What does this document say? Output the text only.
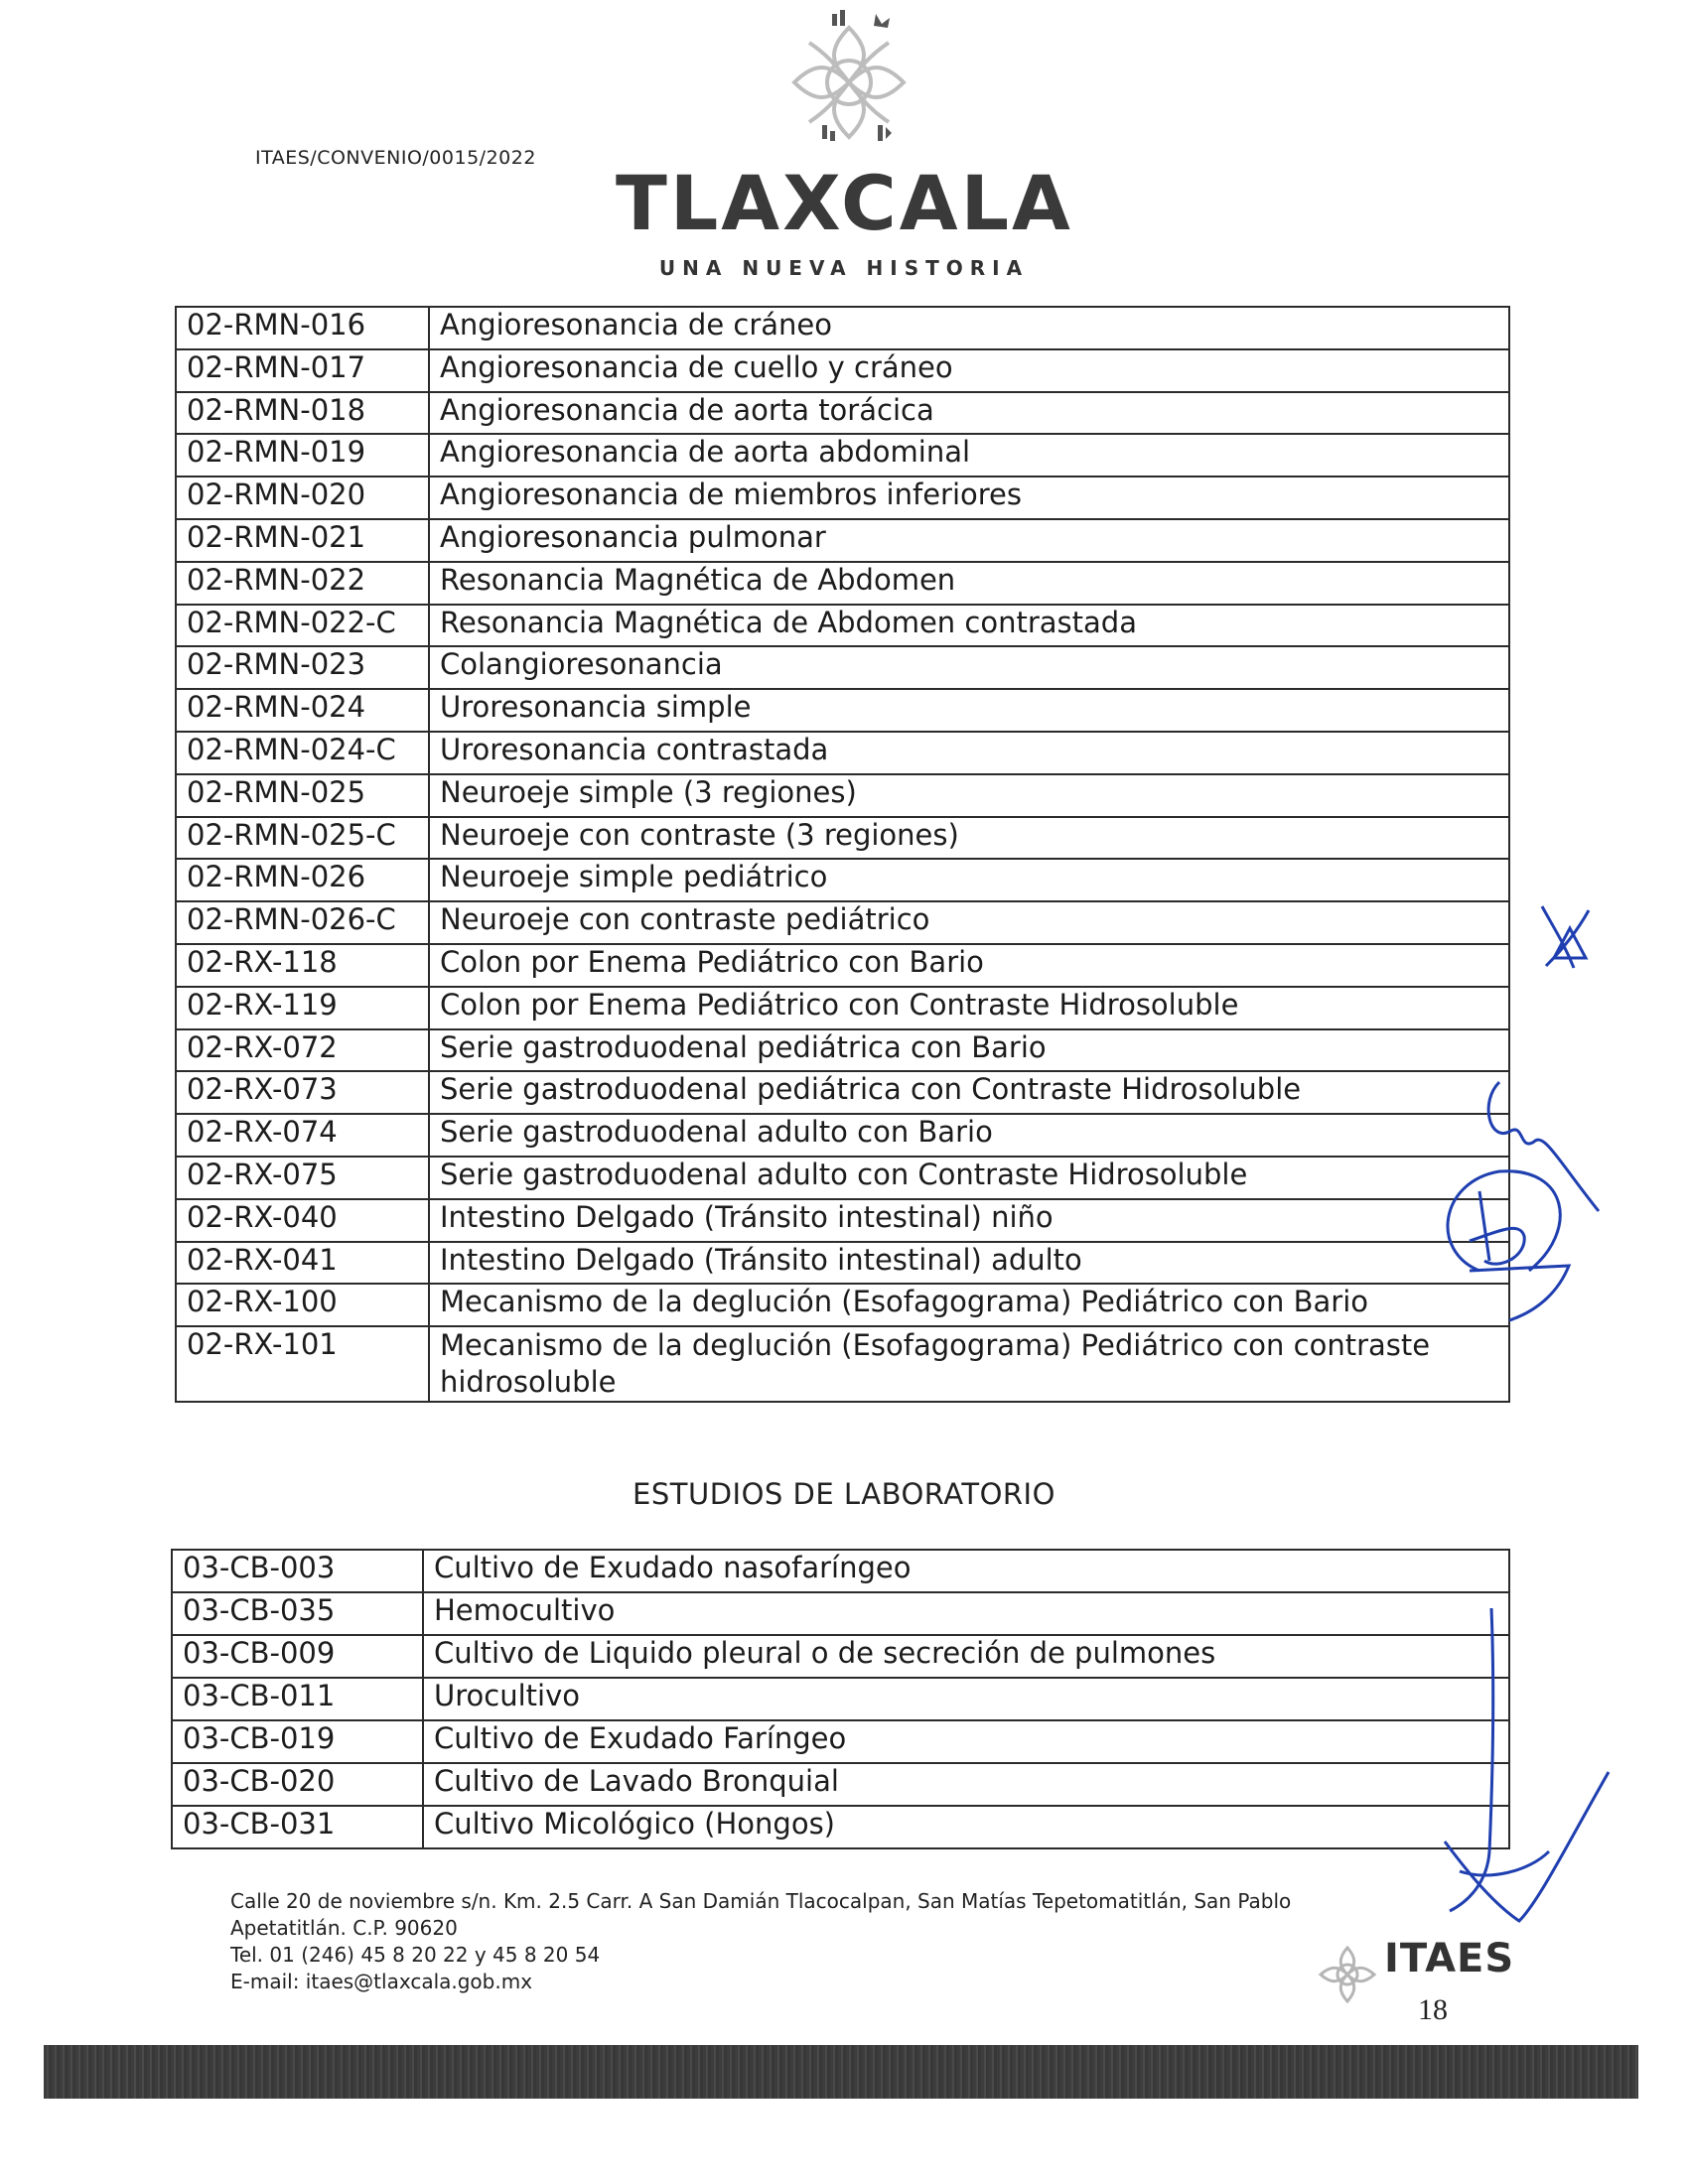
ITAES/CONVENIO/0015/2022
TLAXCALA
UNA NUEVA HISTORIA
02-RMN-016	Angioresonancia de cráneo
02-RMN-017	Angioresonancia de cuello y cráneo
02-RMN-018	Angioresonancia de aorta torácica
02-RMN-019	Angioresonancia de aorta abdominal
02-RMN-020	Angioresonancia de miembros inferiores
02-RMN-021	Angioresonancia pulmonar
02-RMN-022	Resonancia Magnética de Abdomen
02-RMN-022-C	Resonancia Magnética de Abdomen contrastada
02-RMN-023	Colangioresonancia
02-RMN-024	Uroresonancia simple
02-RMN-024-C	Uroresonancia contrastada
02-RMN-025	Neuroeje simple (3 regiones)
02-RMN-025-C	Neuroeje con contraste (3 regiones)
02-RMN-026	Neuroeje simple pediátrico
02-RMN-026-C	Neuroeje con contraste pediátrico
02-RX-118	Colon por Enema Pediátrico con Bario
02-RX-119	Colon por Enema Pediátrico con Contraste Hidrosoluble
02-RX-072	Serie gastroduodenal pediátrica con Bario
02-RX-073	Serie gastroduodenal pediátrica con Contraste Hidrosoluble
02-RX-074	Serie gastroduodenal adulto con Bario
02-RX-075	Serie gastroduodenal adulto con Contraste Hidrosoluble
02-RX-040	Intestino Delgado (Tránsito intestinal) niño
02-RX-041	Intestino Delgado (Tránsito intestinal) adulto
02-RX-100	Mecanismo de la deglución (Esofagograma) Pediátrico con Bario
02-RX-101	Mecanismo de la deglución (Esofagograma) Pediátrico con contraste hidrosoluble
ESTUDIOS DE LABORATORIO
03-CB-003	Cultivo de Exudado nasofaríngeo
03-CB-035	Hemocultivo
03-CB-009	Cultivo de Liquido pleural o de secreción de pulmones
03-CB-011	Urocultivo
03-CB-019	Cultivo de Exudado Faríngeo
03-CB-020	Cultivo de Lavado Bronquial
03-CB-031	Cultivo Micológico (Hongos)
Calle 20 de noviembre s/n. Km. 2.5 Carr. A San Damián Tlacocalpan, San Matías Tepetomatitlán, San Pablo
Apetatitlán. C.P. 90620
Tel. 01 (246) 45 8 20 22 y 45 8 20 54
E-mail: itaes@tlaxcala.gob.mx	ITAES
18
